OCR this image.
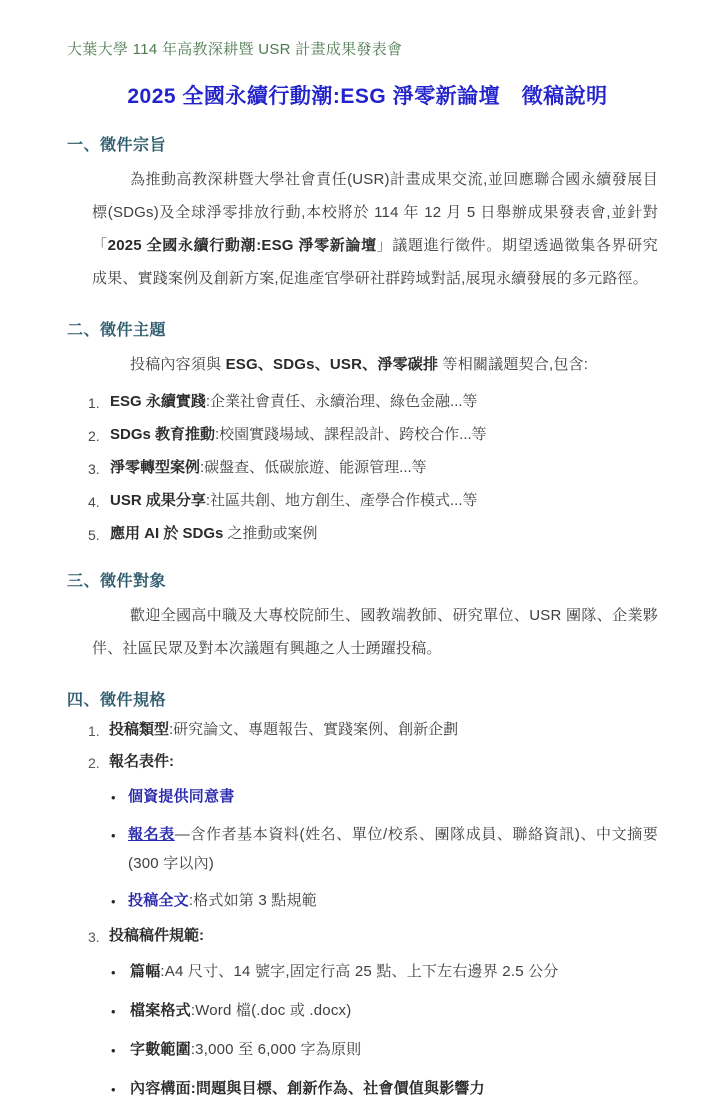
大葉大學 114 年高教深耕暨 USR 計畫成果發表會
2025 全國永續行動潮:ESG 淨零新論壇　徵稿說明
一、徵件宗旨
為推動高教深耕暨大學社會責任(USR)計畫成果交流,並回應聯合國永續發展目標(SDGs)及全球淨零排放行動,本校將於 114 年 12 月 5 日舉辦成果發表會,並針對「2025 全國永續行動潮:ESG 淨零新論壇」議題進行徵件。期望透過徵集各界研究成果、實踐案例及創新方案,促進產官學研社群跨域對話,展現永續發展的多元路徑。
二、徵件主題
投稿內容須與 ESG、SDGs、USR、淨零碳排 等相關議題契合,包含:
1. ESG 永續實踐:企業社會責任、永續治理、綠色金融...等
2. SDGs 教育推動:校園實踐場域、課程設計、跨校合作...等
3. 淨零轉型案例:碳盤查、低碳旅遊、能源管理...等
4. USR 成果分享:社區共創、地方創生、產學合作模式...等
5. 應用 AI 於 SDGs 之推動或案例
三、徵件對象
歡迎全國高中職及大專校院師生、國教端教師、研究單位、USR 團隊、企業夥伴、社區民眾及對本次議題有興趣之人士踴躍投稿。
四、徵件規格
1. 投稿類型:研究論文、專題報告、實踐案例、創新企劃
2. 報名表件:
• 個資提供同意書
• 報名表—含作者基本資料(姓名、單位/校系、團隊成員、聯絡資訊)、中文摘要(300 字以內)
• 投稿全文:格式如第 3 點規範
3. 投稿稿件規範:
• 篇幅:A4 尺寸、14 號字,固定行高 25 點、上下左右邊界 2.5 公分
• 檔案格式:Word 檔(.doc 或 .docx)
• 字數範圍:3,000 至 6,000 字為原則
• 內容構面:問題與目標、創新作為、社會價值與影響力
